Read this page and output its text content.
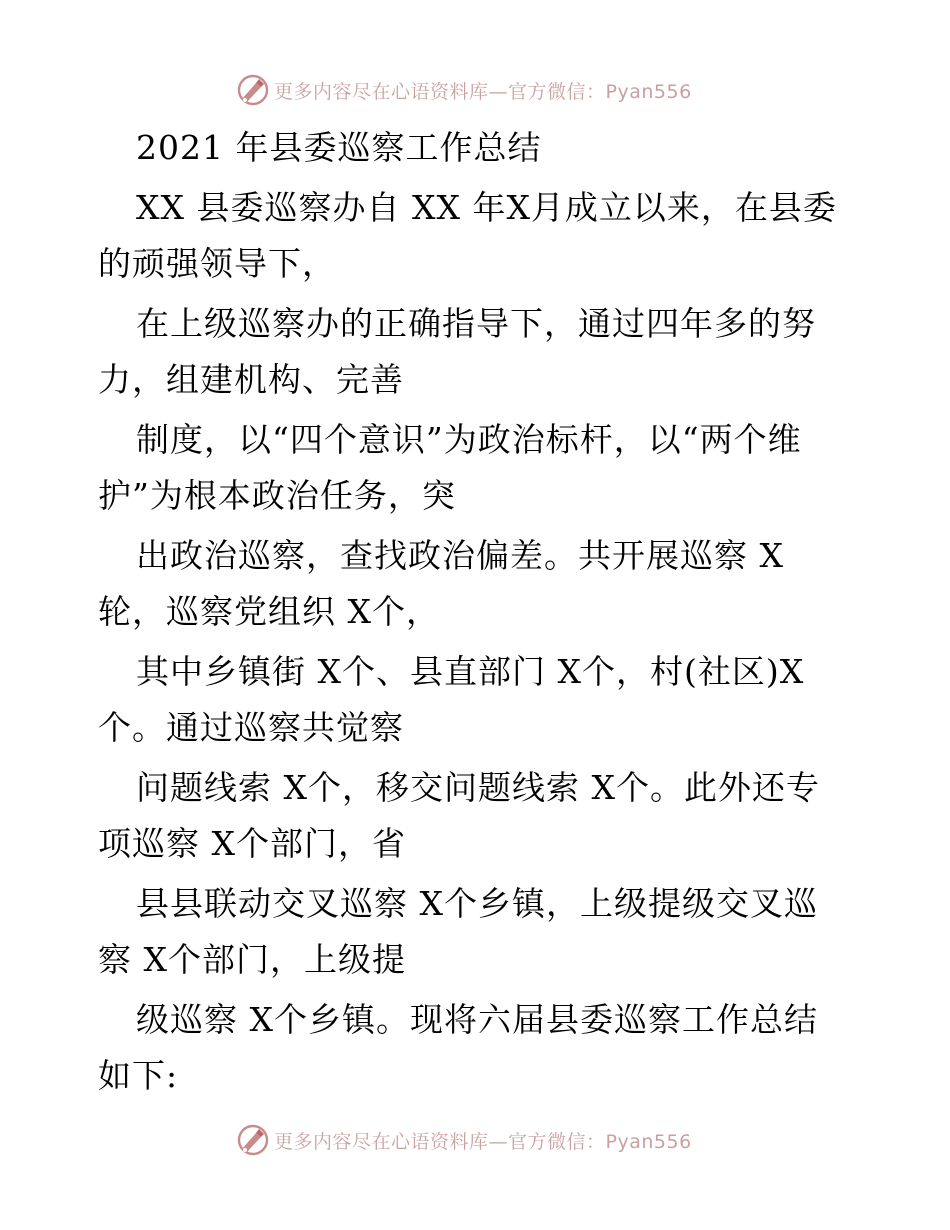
更多内容尽在心语资料库—官方微信：Pyan556
2021 年县委巡察工作总结
XX 县委巡察办自 XX 年X月成立以来，在县委
的顽强领导下，
在上级巡察办的正确指导下，通过四年多的努
力，组建机构、完善
制度，以“四个意识”为政治标杆，以“两个维
护”为根本政治任务，突
出政治巡察，查找政治偏差。共开展巡察 X
轮，巡察党组织 X个，
其中乡镇街 X个、县直部门 X个，村(社区)X
个。通过巡察共觉察
问题线索 X个，移交问题线索 X个。此外还专
项巡察 X个部门，省
县县联动交叉巡察 X个乡镇，上级提级交叉巡
察 X个部门，上级提
级巡察 X个乡镇。现将六届县委巡察工作总结
如下:
更多内容尽在心语资料库—官方微信：Pyan556
